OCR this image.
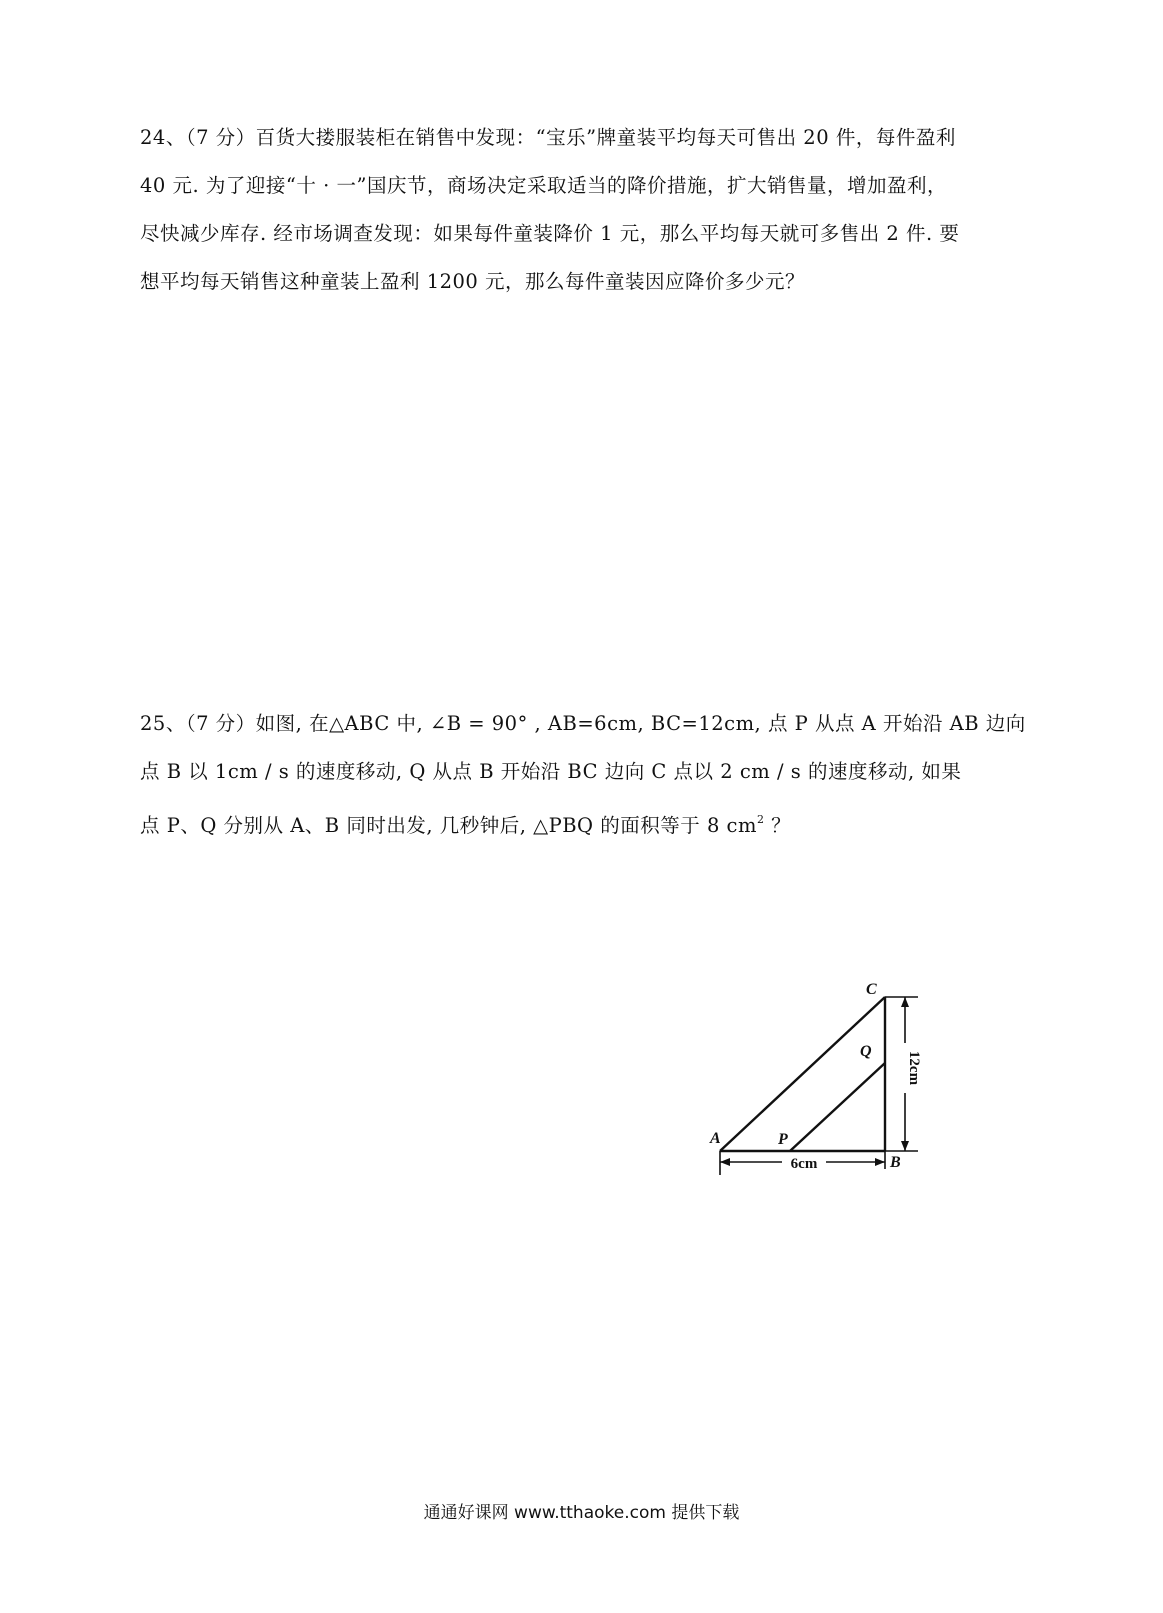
24、（7 分）百货大搂服装柜在销售中发现：“宝乐”牌童装平均每天可售出 20 件，每件盈利

40 元. 为了迎接“十 · 一”国庆节，商场决定采取适当的降价措施，扩大销售量，增加盈利，

尽快减少库存. 经市场调查发现：如果每件童装降价 1 元，那么平均每天就可多售出 2 件. 要

想平均每天销售这种童装上盈利 1200 元，那么每件童装因应降价多少元？

25、（7 分）如图, 在△ABC 中, ∠B = 90° , AB=6cm, BC=12cm, 点 P 从点 A 开始沿 AB 边向

点 B 以 1cm / s 的速度移动, Q 从点 B 开始沿 BC 边向 C 点以 2 cm / s 的速度移动, 如果

点 P、Q 分别从 A、B 同时出发, 几秒钟后, △PBQ 的面积等于 8 $cm^2$ ？

A	P
B
C
Q
6cm
12cm
通通好课网 www.tthaoke.com 提供下载
